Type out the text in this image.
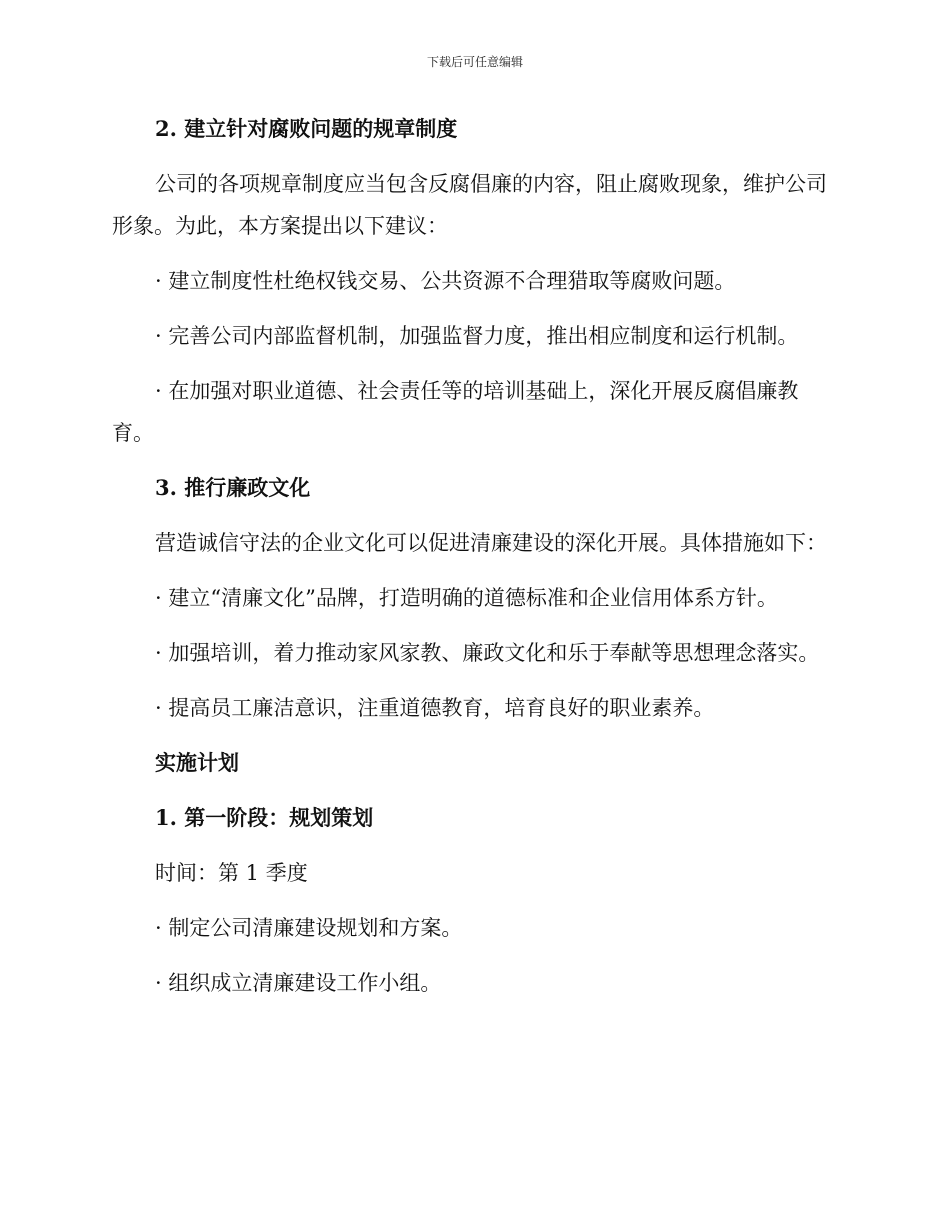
下载后可任意编辑

2. 建立针对腐败问题的规章制度

公司的各项规章制度应当包含反腐倡廉的内容，阻止腐败现象，维护公司形象。为此，本方案提出以下建议：

· 建立制度性杜绝权钱交易、公共资源不合理猎取等腐败问题。

· 完善公司内部监督机制，加强监督力度，推出相应制度和运行机制。

· 在加强对职业道德、社会责任等的培训基础上，深化开展反腐倡廉教育。

3. 推行廉政文化

营造诚信守法的企业文化可以促进清廉建设的深化开展。具体措施如下：

· 建立“清廉文化”品牌，打造明确的道德标准和企业信用体系方针。

· 加强培训，着力推动家风家教、廉政文化和乐于奉献等思想理念落实。

· 提高员工廉洁意识，注重道德教育，培育良好的职业素养。

实施计划

1. 第一阶段：规划策划

时间：第 1 季度

· 制定公司清廉建设规划和方案。

· 组织成立清廉建设工作小组。
